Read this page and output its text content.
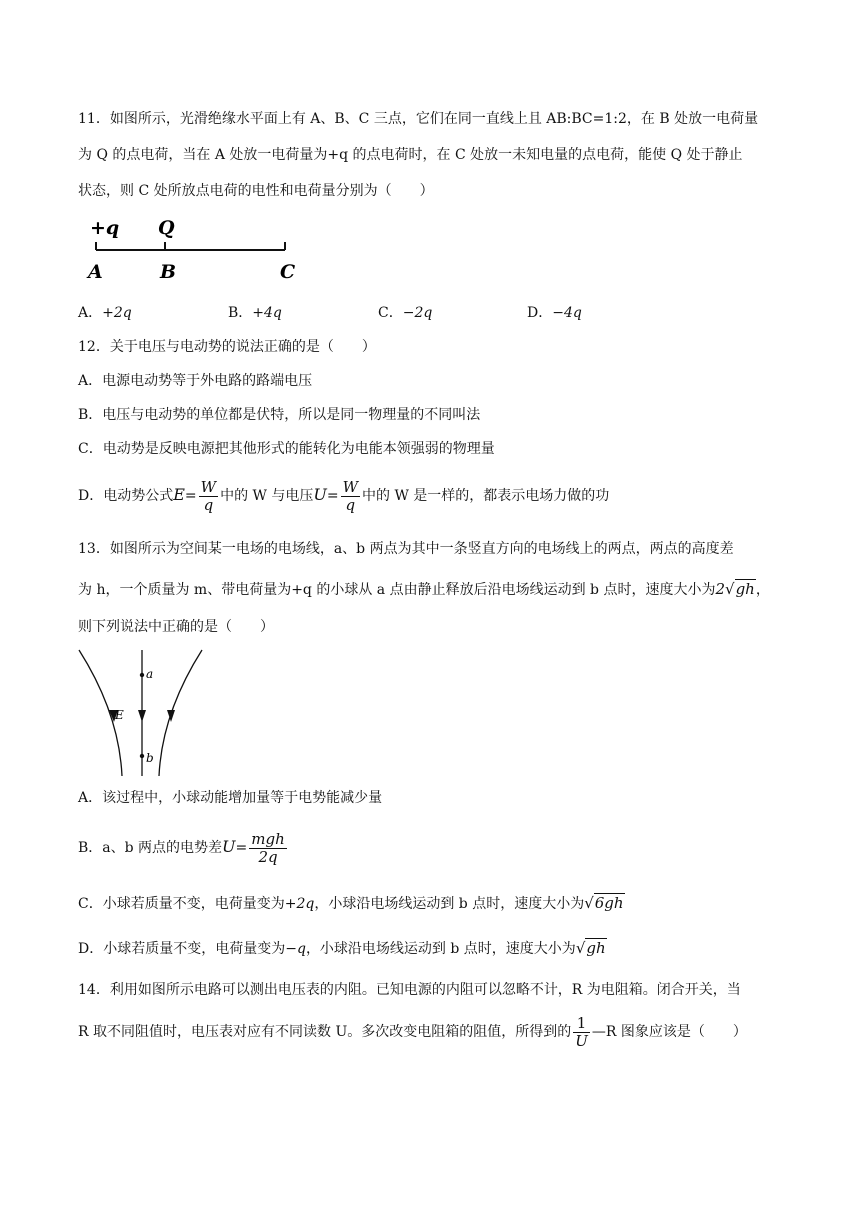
11．如图所示，光滑绝缘水平面上有 A、B、C 三点，它们在同一直线上且 AB:BC=1:2，在 B 处放一电荷量
为 Q 的点电荷，当在 A 处放一电荷量为+q 的点电荷时，在 C 处放一未知电量的点电荷，能使 Q 处于静止
状态，则 C 处所放点电荷的电性和电荷量分别为（　　）
+q Q
A	B	C
A．+2q	B．+4q	C．−2q	D．−4q
12．关于电压与电动势的说法正确的是（　　）
A．电源电动势等于外电路的路端电压
B．电压与电动势的单位都是伏特，所以是同一物理量的不同叫法
C．电动势是反映电源把其他形式的能转化为电能本领强弱的物理量
D．电动势公式$E= \frac{W}{q}$ 中的 W 与电压$U= \frac{W}{q}$ 中的 W 是一样的，都表示电场力做的功
13．如图所示为空间某一电场的电场线，a、b 两点为其中一条竖直方向的电场线上的两点，两点的高度差
为 h，一个质量为 m、带电荷量为+q 的小球从 a 点由静止释放后沿电场线运动到 b 点时，速度大小为2√gh，
则下列说法中正确的是（　　）
a
b
E
A．该过程中，小球动能增加量等于电势能减少量
B．a、b 两点的电势差$U= \frac{\text{mgh}}{2q}$
C．小球若质量不变，电荷量变为+2q，小球沿电场线运动到 b 点时，速度大小为√6gh
D．小球若质量不变，电荷量变为−q，小球沿电场线运动到 b 点时，速度大小为√gh
14．利用如图所示电路可以测出电压表的内阻。已知电源的内阻可以忽略不计，R 为电阻箱。闭合开关，当
R 取不同阻值时，电压表对应有不同读数 U。多次改变电阻箱的阻值，所得到的 $\frac{1}{U}$ —R 图象应该是（　　）
